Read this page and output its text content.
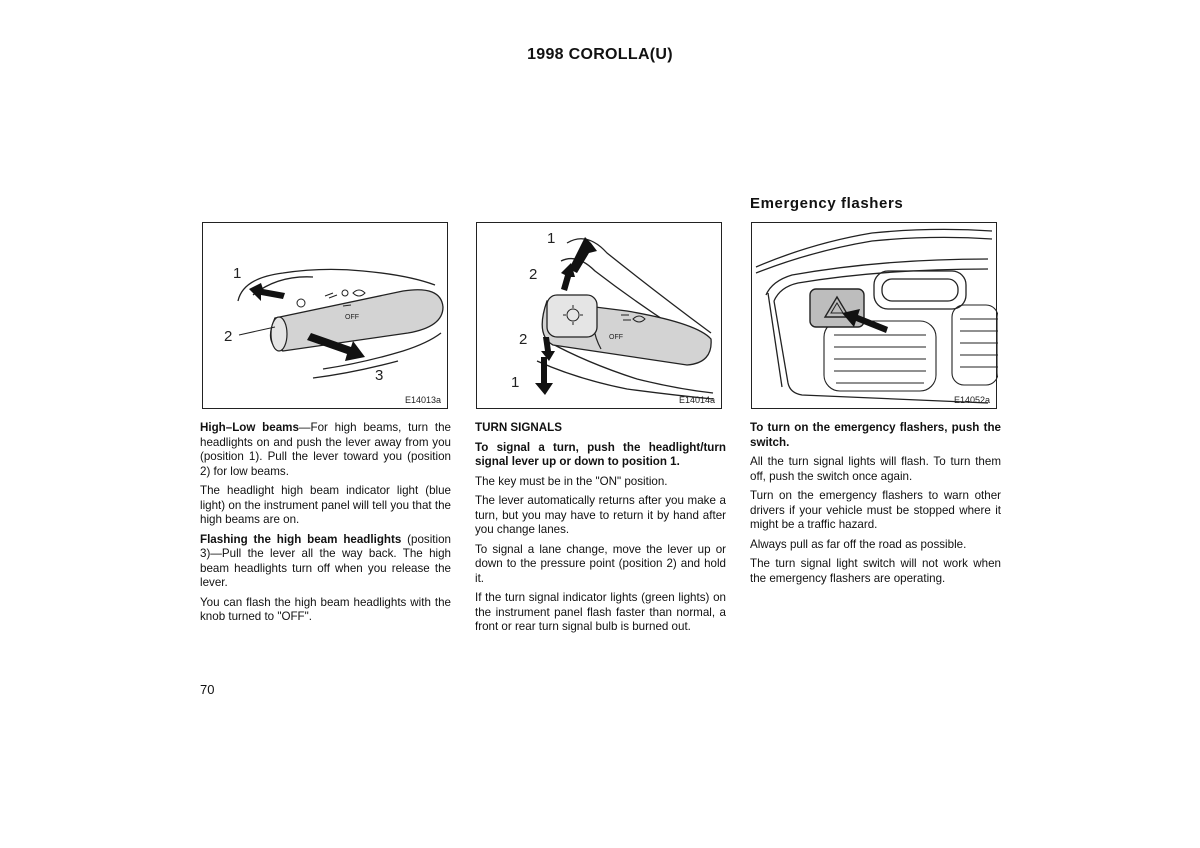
1998 COROLLA(U)
Emergency flashers
OFF
1
2
3
E14013a
OFF
1
2
2
1
E14014a	E14052a

High–Low beams—For high beams, turn the headlights on and push the lever away from you (position 1). Pull the lever toward you (position 2) for low beams.

The headlight high beam indicator light (blue light) on the instrument panel will tell you that the high beams are on.

Flashing the high beam headlights (position 3)—Pull the lever all the way back. The high beam headlights turn off when you release the lever.

You can flash the high beam headlights with the knob turned to "OFF".

TURN SIGNALS

To signal a turn, push the headlight/turn signal lever up or down to position 1.

The key must be in the "ON" position.

The lever automatically returns after you make a turn, but you may have to return it by hand after you change lanes.

To signal a lane change, move the lever up or down to the pressure point (position 2) and hold it.

If the turn signal indicator lights (green lights) on the instrument panel flash faster than normal, a front or rear turn signal bulb is burned out.

To turn on the emergency flashers, push the switch.

All the turn signal lights will flash. To turn them off, push the switch once again.

Turn on the emergency flashers to warn other drivers if your vehicle must be stopped where it might be a traffic hazard.

Always pull as far off the road as possible.

The turn signal light switch will not work when the emergency flashers are operating.

70
